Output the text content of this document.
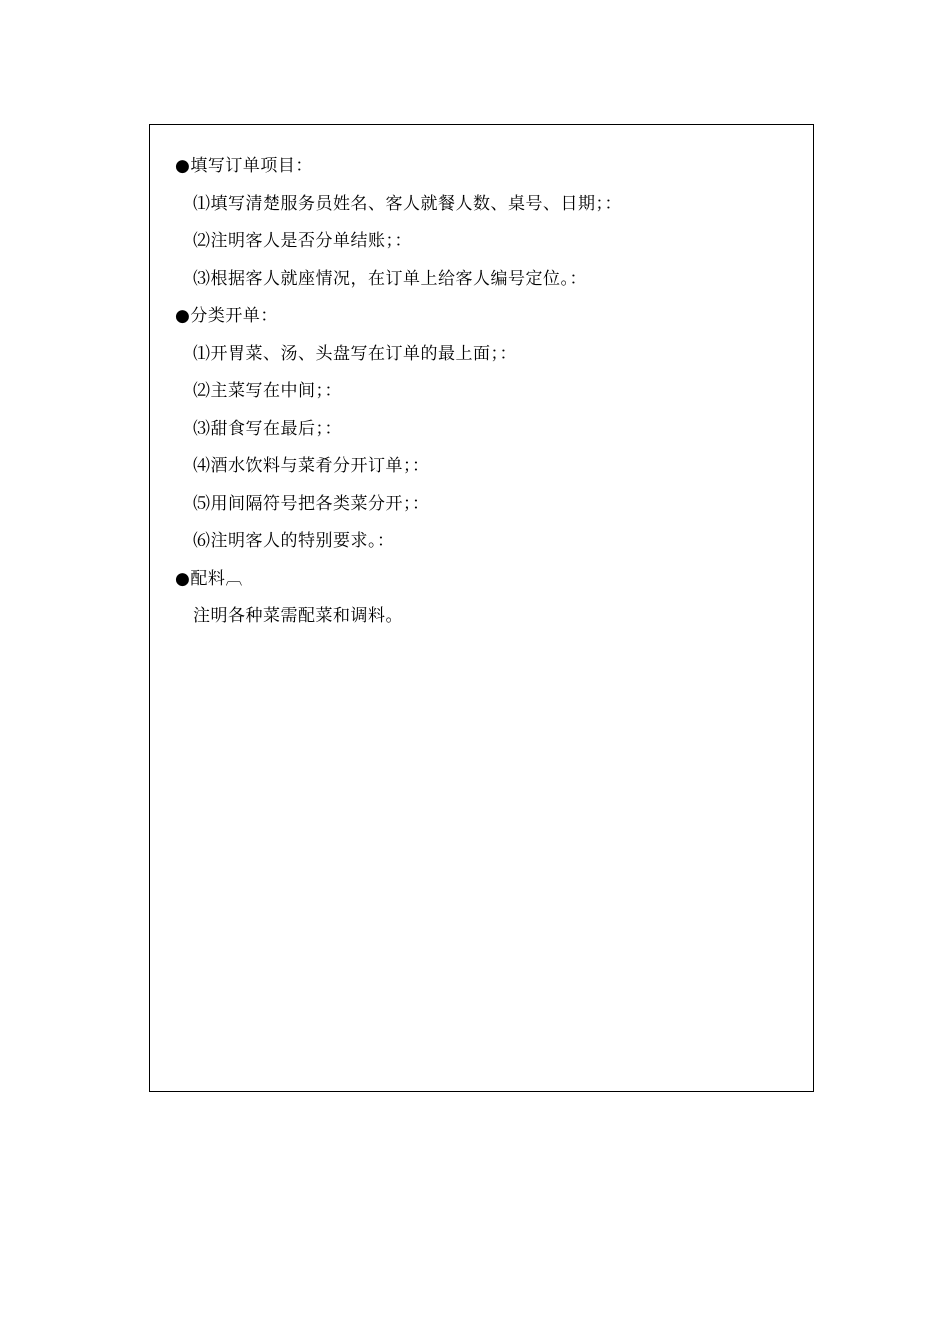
●填写订单项目：
⑴填写清楚服务员姓名、客人就餐人数、桌号、日期；：
⑵注明客人是否分单结账；：
⑶根据客人就座情况，在订单上给客人编号定位。：
●分类开单：
⑴开胃菜、汤、头盘写在订单的最上面；：
⑵主菜写在中间；：
⑶甜食写在最后；：
⑷酒水饮料与菜肴分开订单；：
⑸用间隔符号把各类菜分开；：
⑹注明客人的特别要求。：
●配料︹
注明各种菜需配菜和调料。
